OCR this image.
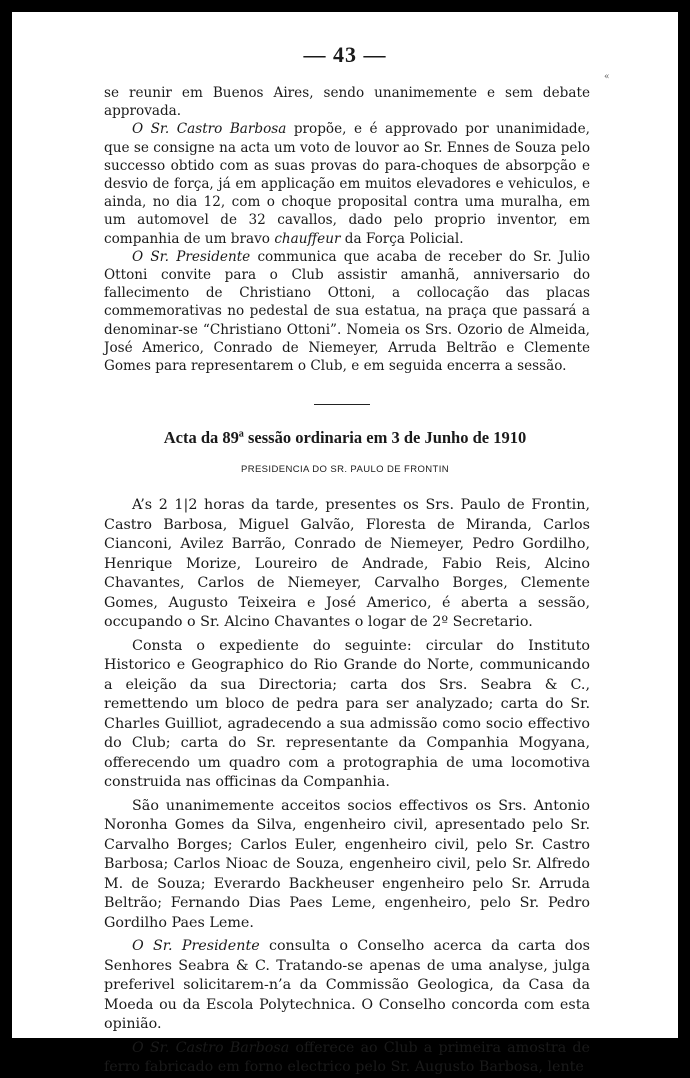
— 43 —
«

se reunir em Buenos Aires, sendo unanimemente e sem debate approvada.

O Sr. Castro Barbosa propõe, e é approvado por unanimidade, que se consigne na acta um voto de louvor ao Sr. Ennes de Souza pelo successo obtido com as suas provas do para-choques de absorpção e desvio de força, já em applicação em muitos elevadores e vehiculos, e ainda, no dia 12, com o choque proposital contra uma muralha, em um automovel de 32 cavallos, dado pelo proprio inventor, em companhia de um bravo chauffeur da Força Policial.

O Sr. Presidente communica que acaba de receber do Sr. Julio Ottoni convite para o Club assistir amanhã, anniversario do fallecimento de Christiano Ottoni, a collocação das placas commemorativas no pedestal de sua estatua, na praça que passará a denominar-se “Christiano Ottoni”. Nomeia os Srs. Ozorio de Almeida, José Americo, Conrado de Niemeyer, Arruda Beltrão e Clemente Gomes para representarem o Club, e em seguida encerra a sessão.

Acta da 89ª sessão ordinaria em 3 de Junho de 1910
PRESIDENCIA DO SR. PAULO DE FRONTIN

A’s 2 1|2 horas da tarde, presentes os Srs. Paulo de Frontin, Castro Barbosa, Miguel Galvão, Floresta de Miranda, Carlos Cianconi, Avilez Barrão, Conrado de Niemeyer, Pedro Gordilho, Henrique Morize, Loureiro de Andrade, Fabio Reis, Alcino Chavantes, Carlos de Niemeyer, Carvalho Borges, Clemente Gomes, Augusto Teixeira e José Americo, é aberta a sessão, occupando o Sr. Alcino Chavantes o logar de 2º Secretario.

Consta o expediente do seguinte: circular do Instituto Historico e Geographico do Rio Grande do Norte, communicando a eleição da sua Directoria; carta dos Srs. Seabra & C., remettendo um bloco de pedra para ser analyzado; carta do Sr. Charles Guilliot, agradecendo a sua admissão como socio effectivo do Club; carta do Sr. representante da Companhia Mogyana, offerecendo um quadro com a protographia de uma locomotiva construida nas officinas da Companhia.

São unanimemente acceitos socios effectivos os Srs. Antonio Noronha Gomes da Silva, engenheiro civil, apresentado pelo Sr. Carvalho Borges; Carlos Euler, engenheiro civil, pelo Sr. Castro Barbosa; Carlos Nioac de Souza, engenheiro civil, pelo Sr. Alfredo M. de Souza; Everardo Backheuser engenheiro pelo Sr. Arruda Beltrão; Fernando Dias Paes Leme, engenheiro, pelo Sr. Pedro Gordilho Paes Leme.

O Sr. Presidente consulta o Conselho acerca da carta dos Senhores Seabra & C. Tratando-se apenas de uma analyse, julga preferivel solicitarem-n’a da Commissão Geologica, da Casa da Moeda ou da Escola Polytechnica. O Conselho concorda com esta opinião.

O Sr. Castro Barbosa offerece ao Club a primeira amostra de ferro fabricado em forno electrico pelo Sr. Augusto Barbosa, lente
